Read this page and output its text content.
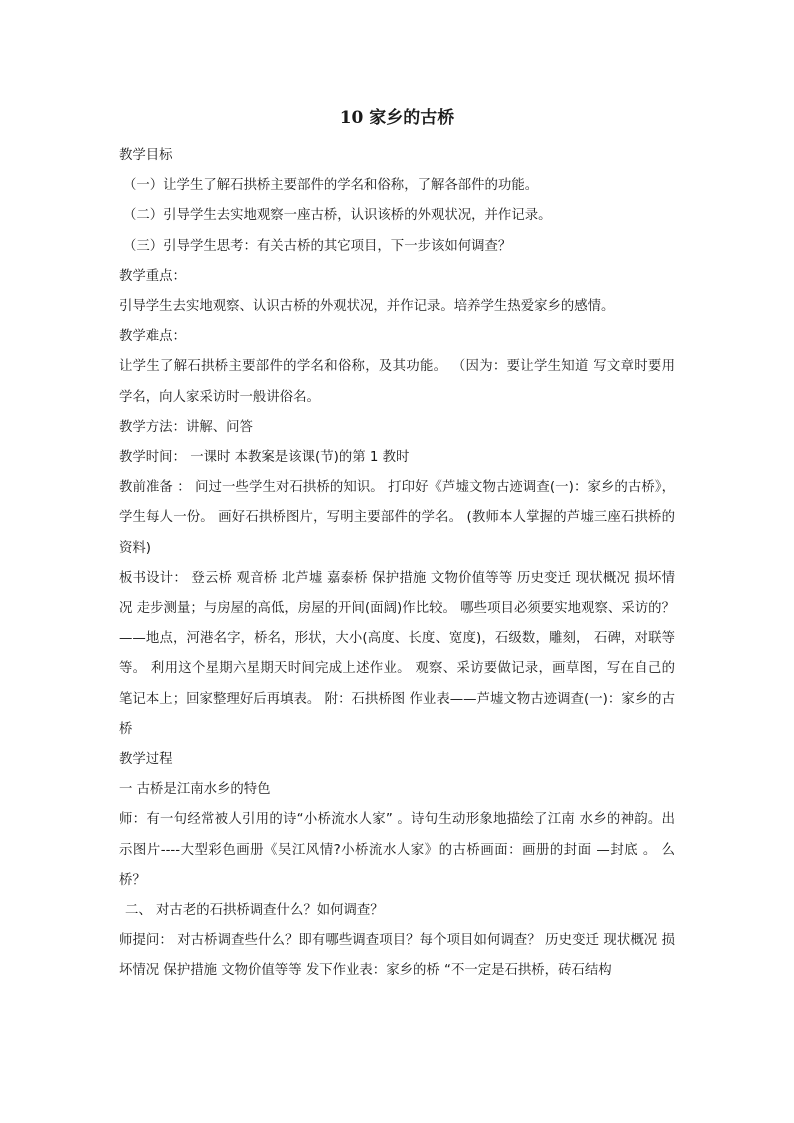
10 家乡的古桥

教学目标

（一）让学生了解石拱桥主要部件的学名和俗称，了解各部件的功能。

（二）引导学生去实地观察一座古桥，认识该桥的外观状况，并作记录。

（三）引导学生思考：有关古桥的其它项目，下一步该如何调查？

教学重点：

引导学生去实地观察、认识古桥的外观状况，并作记录。培养学生热爱家乡的感情。

教学难点：

让学生了解石拱桥主要部件的学名和俗称，及其功能。 （因为：要让学生知道 写文章时要用学名，向人家采访时一般讲俗名。

教学方法：讲解、问答

教学时间： 一课时 本教案是该课(节)的第 1 教时

教前准备 ： 问过一些学生对石拱桥的知识。 打印好《芦墟文物古迹调查(一)：家乡的古桥》，学生每人一份。 画好石拱桥图片，写明主要部件的学名。 (教师本人掌握的芦墟三座石拱桥的资料)

板书设计： 登云桥 观音桥 北芦墟 嘉泰桥 保护措施 文物价值等等 历史变迁 现状概况 损坏情况 走步测量；与房屋的高低，房屋的开间(面阔)作比较。 哪些项目必须要实地观察、采访的？ ——地点，河港名字，桥名，形状，大小(高度、长度、宽度)，石级数，雕刻， 石碑，对联等等。 利用这个星期六星期天时间完成上述作业。 观察、采访要做记录，画草图，写在自己的笔记本上；回家整理好后再填表。 附：石拱桥图 作业表——芦墟文物古迹调查(一)：家乡的古桥

教学过程

一 古桥是江南水乡的特色

师：有一句经常被人引用的诗“小桥流水人家” 。诗句生动形象地描绘了江南 水乡的神韵。出示图片----大型彩色画册《吴江风情?小桥流水人家》的古桥画面：画册的封面 —封底 。 么桥？

二、 对古老的石拱桥调查什么？如何调查？

师提问： 对古桥调查些什么？即有哪些调查项目？每个项目如何调查？ 历史变迁 现状概况 损坏情况 保护措施 文物价值等等 发下作业表：家乡的桥 “不一定是石拱桥，砖石结构
